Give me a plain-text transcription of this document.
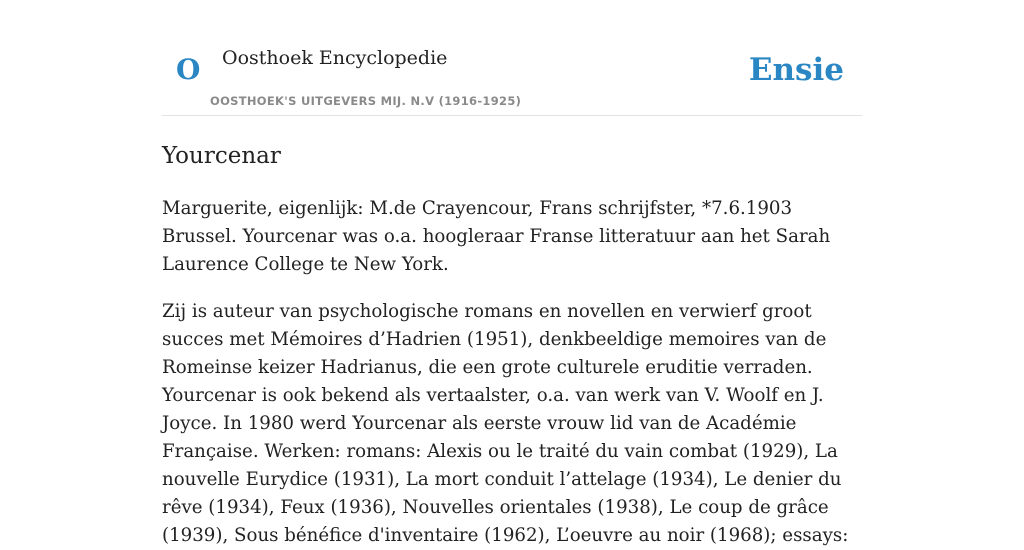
O Oosthoek Encyclopedie
OOSTHOEK'S UITGEVERS MIJ. N.V (1916-1925)
Ensie
Yourcenar

Marguerite, eigenlijk: M.de Crayencour, Frans schrijfster, *7.6.1903 Brussel. Yourcenar was o.a. hoogleraar Franse litteratuur aan het Sarah Laurence College te New York.

Zij is auteur van psychologische romans en novellen en verwierf groot succes met Mémoires d’Hadrien (1951), denkbeeldige memoires van de Romeinse keizer Hadrianus, die een grote culturele eruditie verraden. Yourcenar is ook bekend als vertaalster, o.a. van werk van V. Woolf en J. Joyce. In 1980 werd Yourcenar als eerste vrouw lid van de Académie Française. Werken: romans: Alexis ou le traité du vain combat (1929), La nouvelle Eurydice (1931), La mort conduit l’attelage (1934), Le denier du rêve (1934), Feux (1936), Nouvelles orientales (1938), Le coup de grâce (1939), Sous bénéfice d'inventaire (1962), L’oeuvre au noir (1968); essays:
